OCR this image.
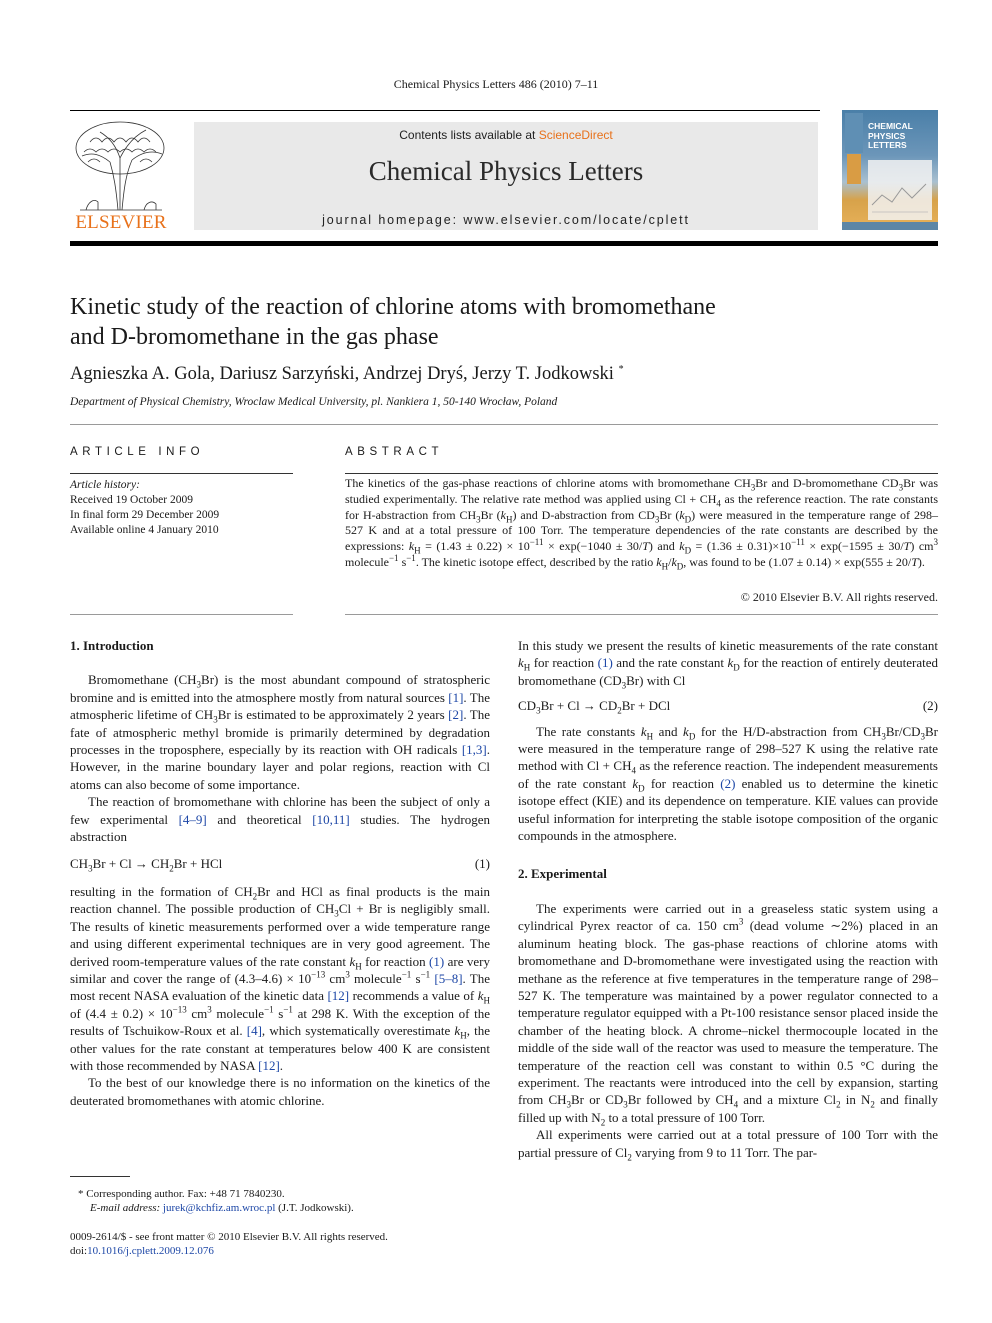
Chemical Physics Letters 486 (2010) 7–11
ELSEVIER
Contents lists available at ScienceDirect
Chemical Physics Letters
journal homepage: www.elsevier.com/locate/cplett
CHEMICAL
PHYSICS
LETTERS
Kinetic study of the reaction of chlorine atoms with bromomethane
and D-bromomethane in the gas phase
Agnieszka A. Gola, Dariusz Sarzyński, Andrzej Dryś, Jerzy T. Jodkowski *
Department of Physical Chemistry, Wroclaw Medical University, pl. Nankiera 1, 50-140 Wrocław, Poland
ARTICLE INFO
Article history:
Received 19 October 2009
In final form 29 December 2009
Available online 4 January 2010
ABSTRACT
The kinetics of the gas-phase reactions of chlorine atoms with bromomethane $CH_3Br$ and D-bromomethane $CD_3Br$ was studied experimentally. The relative rate method was applied using $Cl + CH_4$ as the reference reaction. The rate constants for H-abstraction from $CH_3Br$ $(k_H)$ and D-abstraction from $CD_3Br$ $(k_D)$ were measured in the temperature range of 298–527 K and at a total pressure of 100 Torr. The temperature dependencies of the rate constants are described by the expressions: $k_H = (1.43 \pm 0.22) \times 10^{-11} \times \exp(-1040 \pm 30/T)$ and $k_D = (1.36 \pm 0.31)\times 10^{-11} \times \exp(-1595 \pm 30/T)$ $cm^3$ molecule$^{-1}$ $s^{-1}$. The kinetic isotope effect, described by the ratio $k_H/k_D$, was found to be (1.07 ± 0.14) × exp(555 ± 20/T).
© 2010 Elsevier B.V. All rights reserved.
1. Introduction

Bromomethane $(CH_3Br)$ is the most abundant compound of stratospheric bromine and is emitted into the atmosphere mostly from natural sources [1]. The atmospheric lifetime of $CH_3Br$ is estimated to be approximately 2 years [2]. The fate of atmospheric methyl bromide is primarily determined by degradation processes in the troposphere, especially by its reaction with OH radicals [1,3]. However, in the marine boundary layer and polar regions, reaction with Cl atoms can also become of some importance.

The reaction of bromomethane with chlorine has been the subject of only a few experimental [4–9] and theoretical [10,11] studies. The hydrogen abstraction

$CH_3Br + Cl \to CH_2Br$ + HCl	(1)

resulting in the formation of $CH_2Br$ and HCl as final products is the main reaction channel. The possible production of $CH_3Cl + Br$ is negligibly small. The results of kinetic measurements performed over a wide temperature range and using different experimental techniques are in very good agreement. The derived room-temperature values of the rate constant $k_H$ for reaction (1) are very similar and cover the range of $(4.3-4.6) \times 10^{-13}$ $cm^3$ molecule$^{-1}$ $s^{-1}$ [5–8]. The most recent NASA evaluation of the kinetic data [12] recommends a value of $k_H$ of $(4.4 \pm 0.2) \times 10^{-13}$ $cm^3$ molecule$^{-1}$ $s^{-1}$ at 298 K. With the exception of the results of Tschuikow-Roux et al. [4], which systematically overestimate $k_H$, the other values for the rate constant at temperatures below 400 K are consistent with those recommended by NASA [12].

To the best of our knowledge there is no information on the kinetics of the deuterated bromomethanes with atomic chlorine.

* Corresponding author. Fax: +48 71 7840230.
E-mail address: jurek@kchfiz.am.wroc.pl (J.T. Jodkowski).
0009-2614/$ - see front matter © 2010 Elsevier B.V. All rights reserved.
doi:10.1016/j.cplett.2009.12.076

In this study we present the results of kinetic measurements of the rate constant $k_H$ for reaction (1) and the rate constant $k_D$ for the reaction of entirely deuterated bromomethane $(CD_3Br)$ with Cl

$CD_3Br + Cl \to CD_2Br$ + DCl	(2)

The rate constants $k_H$ and $k_D$ for the H/D-abstraction from $CH_3Br/CD_3Br$ were measured in the temperature range of 298–527 K using the relative rate method with $Cl + CH_4$ as the reference reaction. The independent measurements of the rate constant $k_D$ for reaction (2) enabled us to determine the kinetic isotope effect (KIE) and its dependence on temperature. KIE values can provide useful information for interpreting the stable isotope composition of the organic compounds in the atmosphere.

2. Experimental

The experiments were carried out in a greaseless static system using a cylindrical Pyrex reactor of ca. 150 $cm^3$ (dead volume ∼2%) placed in an aluminum heating block. The gas-phase reactions of chlorine atoms with bromomethane and D-bromomethane were investigated using the reaction with methane as the reference at five temperatures in the temperature range of 298–527 K. The temperature was maintained by a power regulator connected to a temperature regulator equipped with a Pt-100 resistance sensor placed inside the chamber of the heating block. A chrome–nickel thermocouple located in the middle of the side wall of the reactor was used to measure the temperature. The temperature of the reaction cell was constant to within 0.5 °C during the experiment. The reactants were introduced into the cell by expansion, starting from $CH_3Br$ or $CD_3Br$ followed by $CH_4$ and a mixture $Cl_2$ in $N_2$ and finally filled up with $N_2$ to a total pressure of 100 Torr.

All experiments were carried out at a total pressure of 100 Torr with the partial pressure of $Cl_2$ varying from 9 to 11 Torr. The par-
